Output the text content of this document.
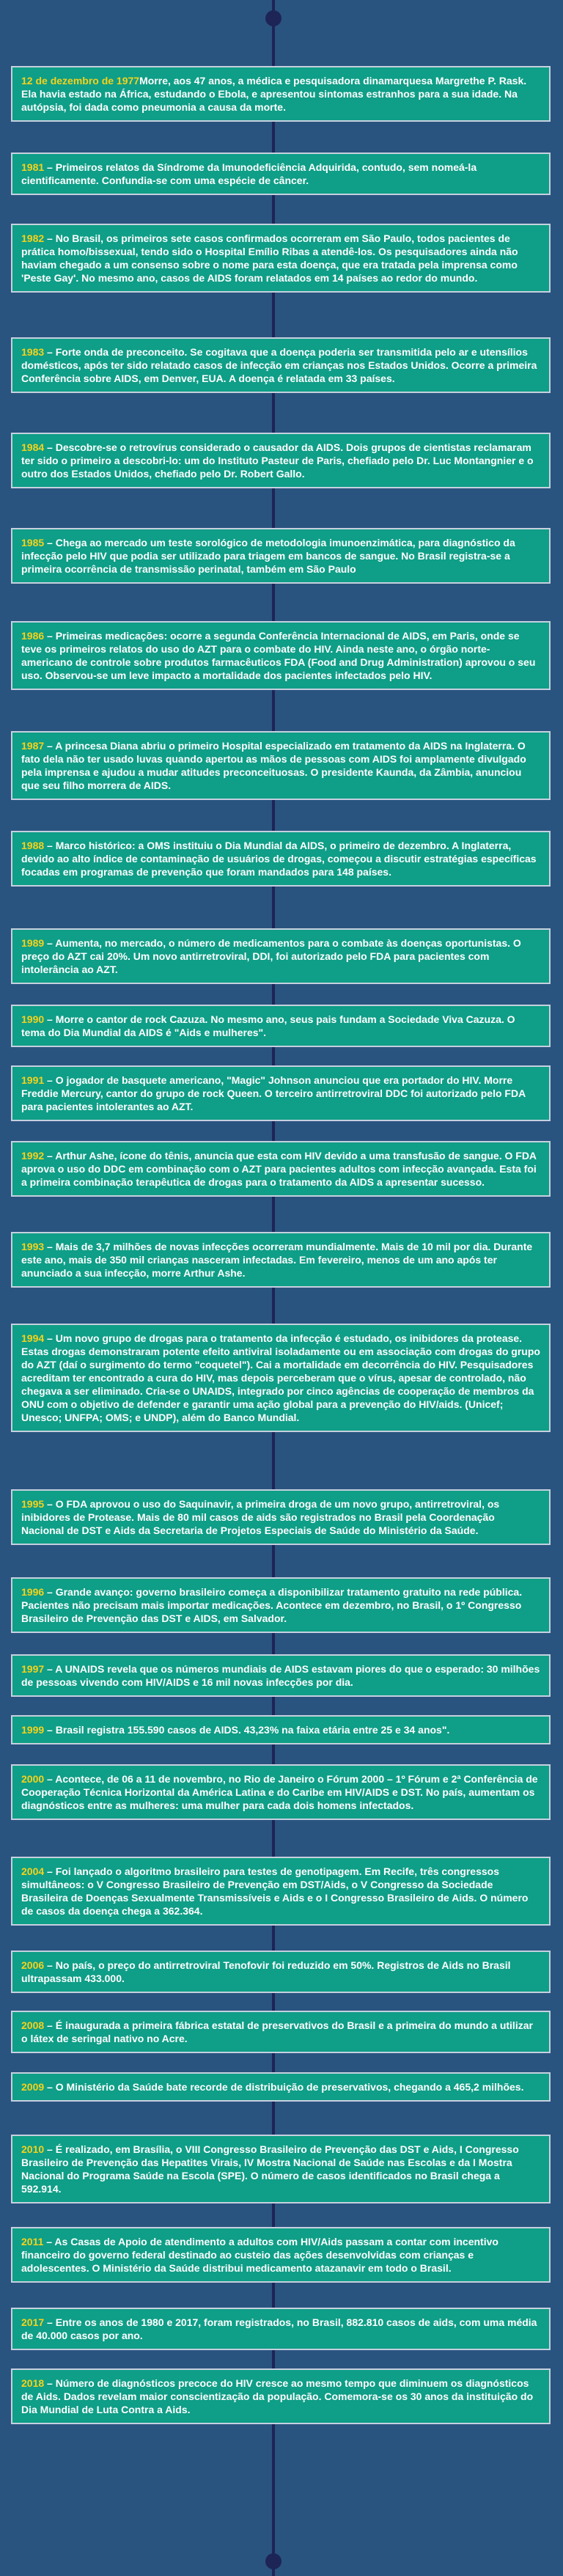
12 de dezembro de 1977Morre, aos 47 anos, a médica e pesquisadora dinamarquesa Margrethe P. Rask. Ela havia estado na África, estudando o Ebola, e apresentou sintomas estranhos para a sua idade. Na autópsia, foi dada como pneumonia a causa da morte.
1981 – Primeiros relatos da Síndrome da Imunodeficiência Adquirida, contudo, sem nomeá-la cientificamente. Confundia-se com uma espécie de câncer.
1982 – No Brasil, os primeiros sete casos confirmados ocorreram em São Paulo, todos pacientes de prática homo/bissexual, tendo sido o Hospital Emílio Ribas a atendê-los. Os pesquisadores ainda não haviam chegado a um consenso sobre o nome para esta doença, que era tratada pela imprensa como 'Peste Gay'. No mesmo ano, casos de AIDS foram relatados em 14 países ao redor do mundo.
1983 – Forte onda de preconceito. Se cogitava que a doença poderia ser transmitida pelo ar e utensílios domésticos, após ter sido relatado casos de infecção em crianças nos Estados Unidos. Ocorre a primeira Conferência sobre AIDS, em Denver, EUA. A doença é relatada em 33 países.
1984 – Descobre-se o retrovírus considerado o causador da AIDS. Dois grupos de cientistas reclamaram ter sido o primeiro a descobri-lo: um do Instituto Pasteur de Paris, chefiado pelo Dr. Luc Montangnier e o outro dos Estados Unidos, chefiado pelo Dr. Robert Gallo.
1985 – Chega ao mercado um teste sorológico de metodologia imunoenzimática, para diagnóstico da infecção pelo HIV que podia ser utilizado para triagem em bancos de sangue. No Brasil registra-se a primeira ocorrência de transmissão perinatal, também em São Paulo
1986 – Primeiras medicações: ocorre a segunda Conferência Internacional de AIDS, em Paris, onde se teve os primeiros relatos do uso do AZT para o combate do HIV. Ainda neste ano, o órgão norte-americano de controle sobre produtos farmacêuticos FDA (Food and Drug Administration) aprovou o seu uso. Observou-se um leve impacto a mortalidade dos pacientes infectados pelo HIV.
1987 – A princesa Diana abriu o primeiro Hospital especializado em tratamento da AIDS na Inglaterra. O fato dela não ter usado luvas quando apertou as mãos de pessoas com AIDS foi amplamente divulgado pela imprensa e ajudou a mudar atitudes preconceituosas. O presidente Kaunda, da Zâmbia, anunciou que seu filho morrera de AIDS.
1988 – Marco histórico: a OMS instituiu o Dia Mundial da AIDS, o primeiro de dezembro. A Inglaterra, devido ao alto índice de contaminação de usuários de drogas, começou a discutir estratégias específicas focadas em programas de prevenção que foram mandados para 148 países.
1989 – Aumenta, no mercado, o número de medicamentos para o combate às doenças oportunistas. O preço do AZT cai 20%. Um novo antirretroviral, DDI, foi autorizado pelo FDA para pacientes com intolerância ao AZT.
1990 – Morre o cantor de rock Cazuza. No mesmo ano, seus pais fundam a Sociedade Viva Cazuza. O tema do Dia Mundial da AIDS é "Aids e mulheres".
1991 – O jogador de basquete americano, "Magic" Johnson anunciou que era portador do HIV. Morre Freddie Mercury, cantor do grupo de rock Queen. O terceiro antirretroviral DDC foi autorizado pelo FDA para pacientes intolerantes ao AZT.
1992 – Arthur Ashe, ícone do tênis, anuncia que esta com HIV devido a uma transfusão de sangue. O FDA aprova o uso do DDC em combinação com o AZT para pacientes adultos com infecção avançada. Esta foi a primeira combinação terapêutica de drogas para o tratamento da AIDS a apresentar sucesso.
1993 – Mais de 3,7 milhões de novas infecções ocorreram mundialmente. Mais de 10 mil por dia. Durante este ano, mais de 350 mil crianças nasceram infectadas. Em fevereiro, menos de um ano após ter anunciado a sua infecção, morre Arthur Ashe.
1994 – Um novo grupo de drogas para o tratamento da infecção é estudado, os inibidores da protease. Estas drogas demonstraram potente efeito antiviral isoladamente ou em associação com drogas do grupo do AZT (daí o surgimento do termo "coquetel"). Cai a mortalidade em decorrência do HIV. Pesquisadores acreditam ter encontrado a cura do HIV, mas depois perceberam que o vírus, apesar de controlado, não chegava a ser eliminado. Cria-se o UNAIDS, integrado por cinco agências de cooperação de membros da ONU com o objetivo de defender e garantir uma ação global para a prevenção do HIV/aids. (Unicef; Unesco; UNFPA; OMS; e UNDP), além do Banco Mundial.
1995 – O FDA aprovou o uso do Saquinavir, a primeira droga de um novo grupo, antirretroviral, os inibidores de Protease. Mais de 80 mil casos de aids são registrados no Brasil pela Coordenação Nacional de DST e Aids da Secretaria de Projetos Especiais de Saúde do Ministério da Saúde.
1996 – Grande avanço: governo brasileiro começa a disponibilizar tratamento gratuito na rede pública. Pacientes não precisam mais importar medicações. Acontece em dezembro, no Brasil, o 1º Congresso Brasileiro de Prevenção das DST e AIDS, em Salvador.
1997 – A UNAIDS revela que os números mundiais de AIDS estavam piores do que o esperado: 30 milhões de pessoas vivendo com HIV/AIDS e 16 mil novas infecções por dia.
1999 – Brasil registra 155.590 casos de AIDS. 43,23% na faixa etária entre 25 e 34 anos".
2000 – Acontece, de 06 a 11 de novembro, no Rio de Janeiro o Fórum 2000 – 1º Fórum e 2ª Conferência de Cooperação Técnica Horizontal da América Latina e do Caribe em HIV/AIDS e DST. No país, aumentam os diagnósticos entre as mulheres: uma mulher para cada dois homens infectados.
2004 – Foi lançado o algoritmo brasileiro para testes de genotipagem. Em Recife, três congressos simultâneos: o V Congresso Brasileiro de Prevenção em DST/Aids, o V Congresso da Sociedade Brasileira de Doenças Sexualmente Transmissíveis e Aids e o I Congresso Brasileiro de Aids. O número de casos da doença chega a 362.364.
2006 – No país, o preço do antirretroviral Tenofovir foi reduzido em 50%. Registros de Aids no Brasil ultrapassam 433.000.
2008 – É inaugurada a primeira fábrica estatal de preservativos do Brasil e a primeira do mundo a utilizar o látex de seringal nativo no Acre.
2009 – O Ministério da Saúde bate recorde de distribuição de preservativos, chegando a 465,2 milhões.
2010 – É realizado, em Brasília, o VIII Congresso Brasileiro de Prevenção das DST e Aids, I Congresso Brasileiro de Prevenção das Hepatites Virais, IV Mostra Nacional de Saúde nas Escolas e da I Mostra Nacional do Programa Saúde na Escola (SPE). O número de casos identificados no Brasil chega a 592.914.
2011 – As Casas de Apoio de atendimento a adultos com HIV/Aids passam a contar com incentivo financeiro do governo federal destinado ao custeio das ações desenvolvidas com crianças e adolescentes. O Ministério da Saúde distribui medicamento atazanavir em todo o Brasil.
2017 – Entre os anos de 1980 e 2017, foram registrados, no Brasil, 882.810 casos de aids, com uma média de 40.000 casos por ano.
2018 – Número de diagnósticos precoce do HIV cresce ao mesmo tempo que diminuem os diagnósticos de Aids. Dados revelam maior conscientização da população. Comemora-se os 30 anos da instituição do Dia Mundial de Luta Contra a Aids.
